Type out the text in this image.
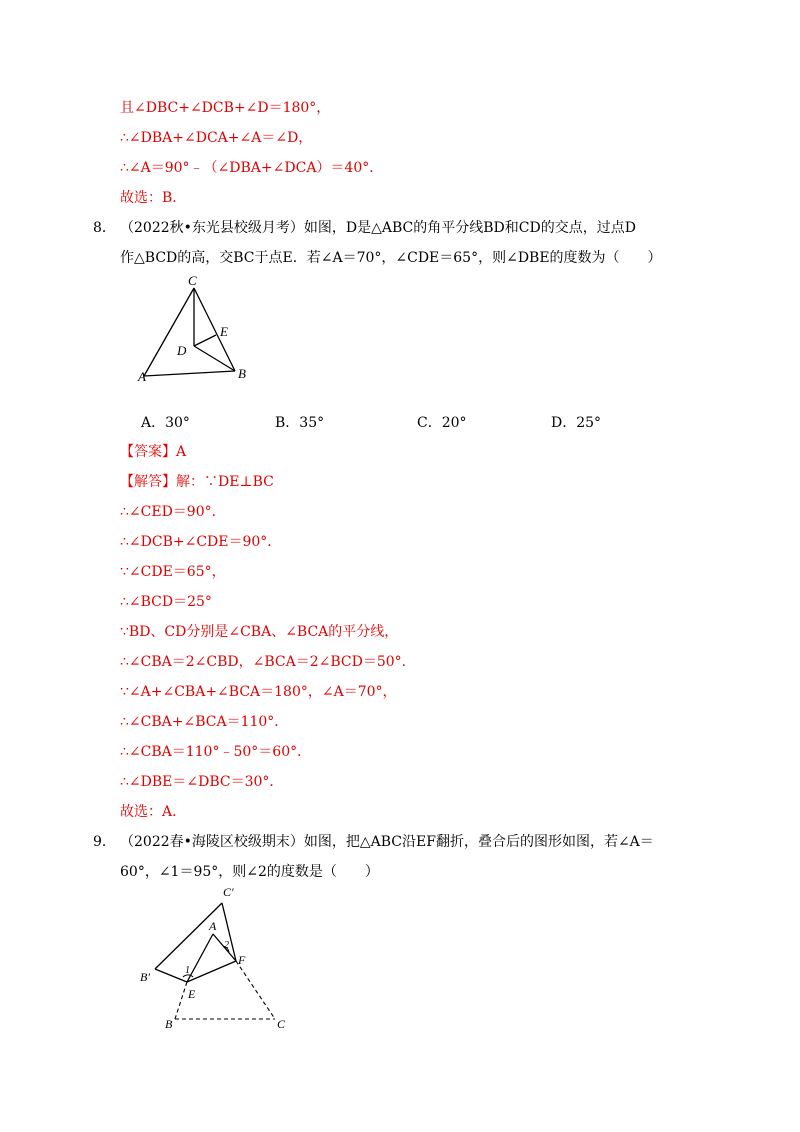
且∠DBC+∠DCB+∠D＝180°，
∴∠DBA+∠DCA+∠A＝∠D，
∴∠A＝90°﹣（∠DBA+∠DCA）＝40°．
故选：B．
8． （2022秋•东光县校级月考）如图，D是△ABC的角平分线BD和CD的交点，过点D
作△BCD的高，交BC于点E．若∠A＝70°，∠CDE＝65°，则∠DBE的度数为（　　）
C
E
D
A	B
A．30°	B．35°	C．20°	D．25°
【答案】A
【解答】解：∵DE⊥BC
∴∠CED＝90°．
∴∠DCB+∠CDE＝90°．
∵∠CDE＝65°，
∴∠BCD＝25°
∵BD、CD分别是∠CBA、∠BCA的平分线，
∴∠CBA＝2∠CBD，∠BCA＝2∠BCD＝50°．
∵∠A+∠CBA+∠BCA＝180°，∠A＝70°，
∴∠CBA+∠BCA＝110°．
∴∠CBA＝110°﹣50°＝60°．
∴∠DBE＝∠DBC＝30°．
故选：A．
9． （2022春•海陵区校级期末）如图，把△ABC沿EF翻折，叠合后的图形如图，若∠A＝
60°，∠1＝95°，则∠2的度数是（　　）
C′
A
2
F
1
B′
E
B	C
